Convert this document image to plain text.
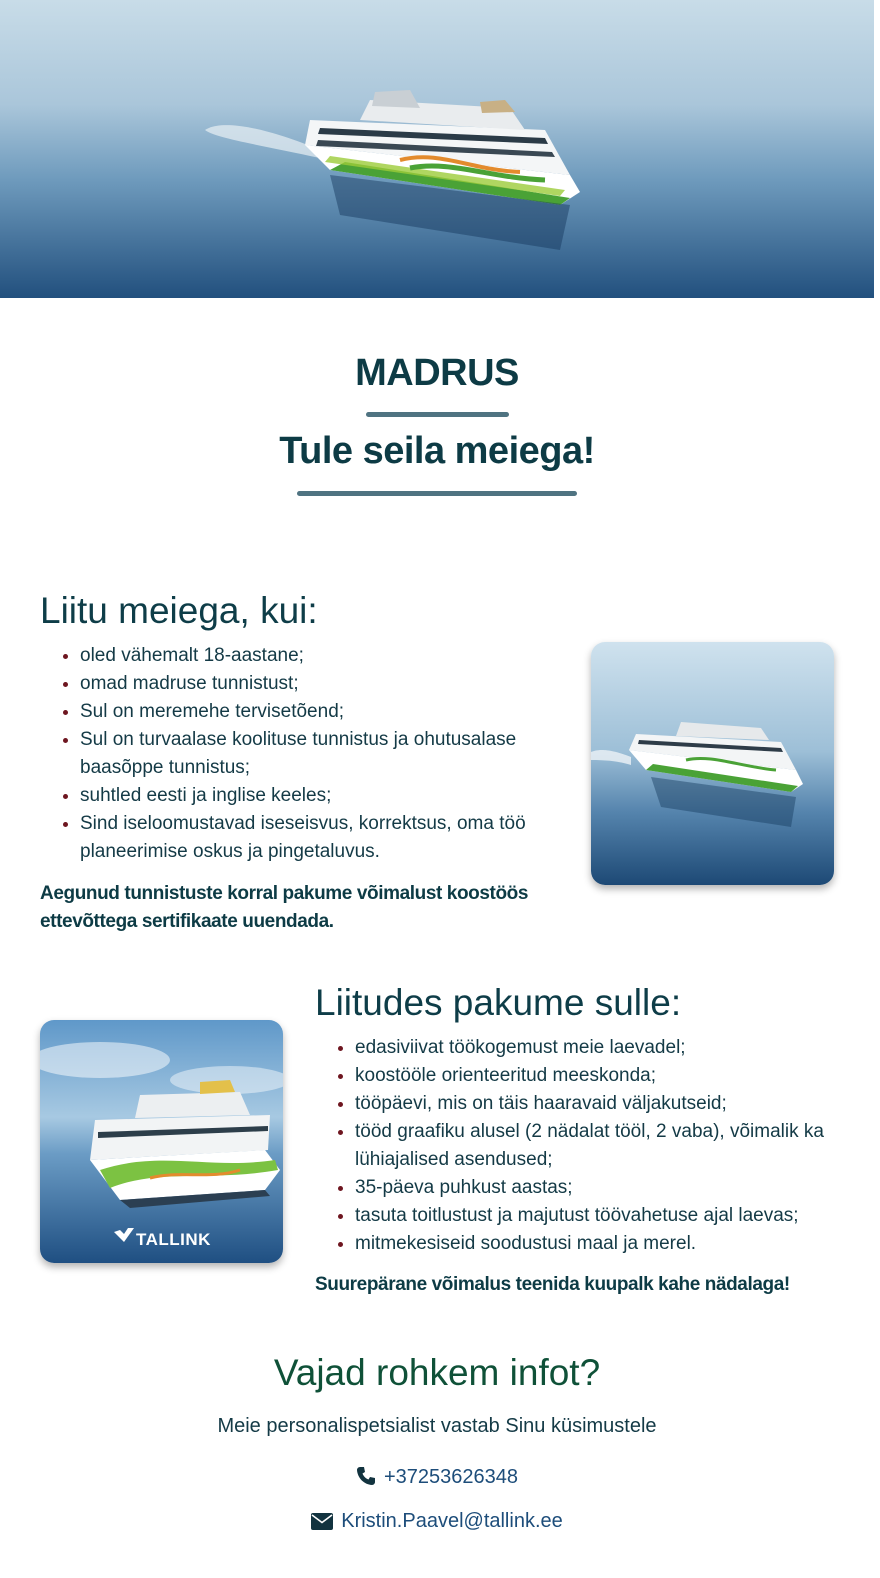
MADRUS
Tule seila meiega!
Liitu meiega, kui:
• oled vähemalt 18-aastane;
• omad madruse tunnistust;
• Sul on meremehe tervisetõend;
• Sul on turvaalase koolituse tunnistus ja ohutusalase baasõppe tunnistus;
• suhtled eesti ja inglise keeles;
• Sind iseloomustavad iseseisvus, korrektsus, oma töö planeerimise oskus ja pingetaluvus.
Aegunud tunnistuste korral pakume võimalust koostöös ettevõttega sertifikaate uuendada.
TALLINK
Liitudes pakume sulle:
• edasiviivat töökogemust meie laevadel;
• koostööle orienteeritud meeskonda;
• tööpäevi, mis on täis haaravaid väljakutseid;
• tööd graafiku alusel (2 nädalat tööl, 2 vaba), võimalik ka lühiajalised asendused;
• 35-päeva puhkust aastas;
• tasuta toitlustust ja majutust töövahetuse ajal laevas;
• mitmekesiseid soodustusi maal ja merel.
Suurepärane võimalus teenida kuupalk kahe nädalaga!
Vajad rohkem infot?
Meie personalispetsialist vastab Sinu küsimustele
+37253626348
Kristin.Paavel@tallink.ee
